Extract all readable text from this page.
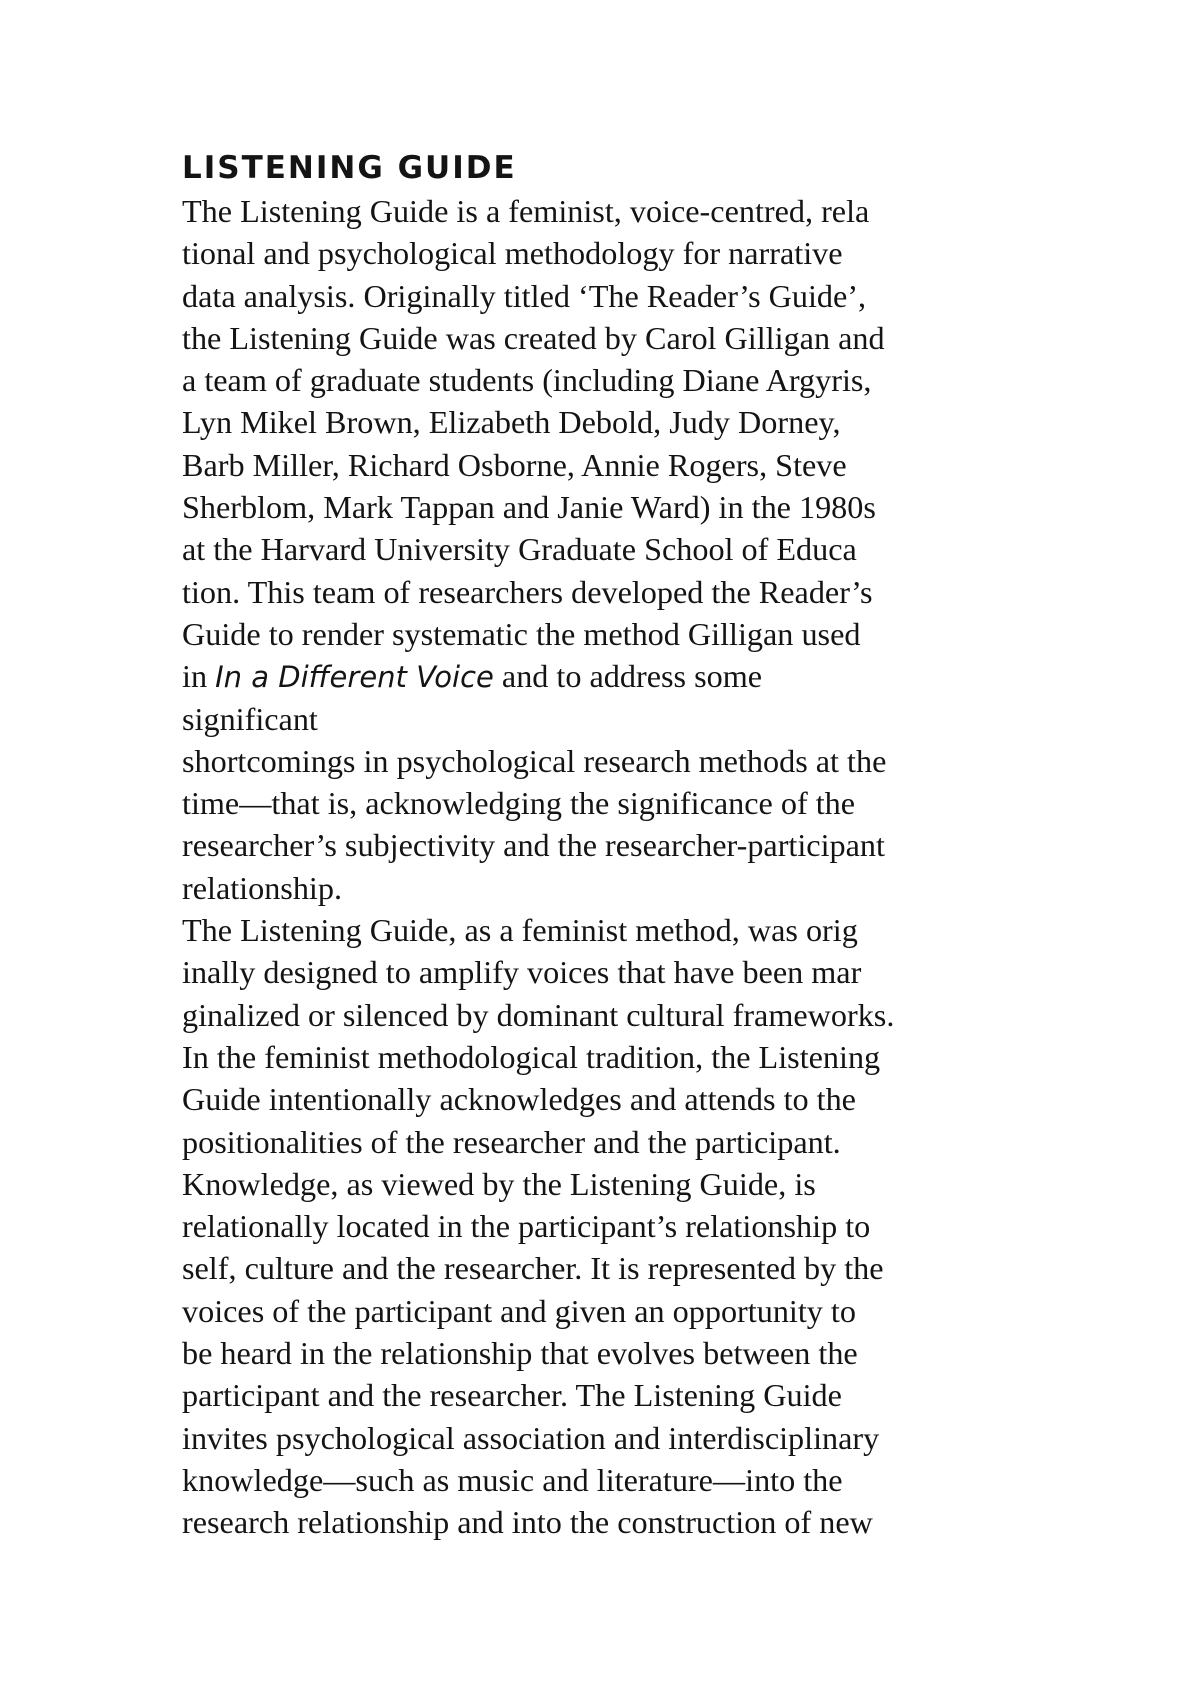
LISTENING GUIDE
The Listening Guide is a feminist, voice-centred, rela
tional and psychological methodology for narrative
data analysis. Originally titled ‘The Reader’s Guide’,
the Listening Guide was created by Carol Gilligan and
a team of graduate students (including Diane Argyris,
Lyn Mikel Brown, Elizabeth Debold, Judy Dorney,
Barb Miller, Richard Osborne, Annie Rogers, Steve
Sherblom, Mark Tappan and Janie Ward) in the 1980s
at the Harvard University Graduate School of Educa
tion. This team of researchers developed the Reader’s
Guide to render systematic the method Gilligan used
in In a Different Voice and to address some
significant
shortcomings in psychological research methods at the
time—that is, acknowledging the significance of the
researcher’s subjectivity and the researcher-participant
relationship.
The Listening Guide, as a feminist method, was orig
inally designed to amplify voices that have been mar
ginalized or silenced by dominant cultural frameworks.
In the feminist methodological tradition, the Listening
Guide intentionally acknowledges and attends to the
positionalities of the researcher and the participant.
Knowledge, as viewed by the Listening Guide, is
relationally located in the participant’s relationship to
self, culture and the researcher. It is represented by the
voices of the participant and given an opportunity to
be heard in the relationship that evolves between the
participant and the researcher. The Listening Guide
invites psychological association and interdisciplinary
knowledge—such as music and literature—into the
research relationship and into the construction of new
